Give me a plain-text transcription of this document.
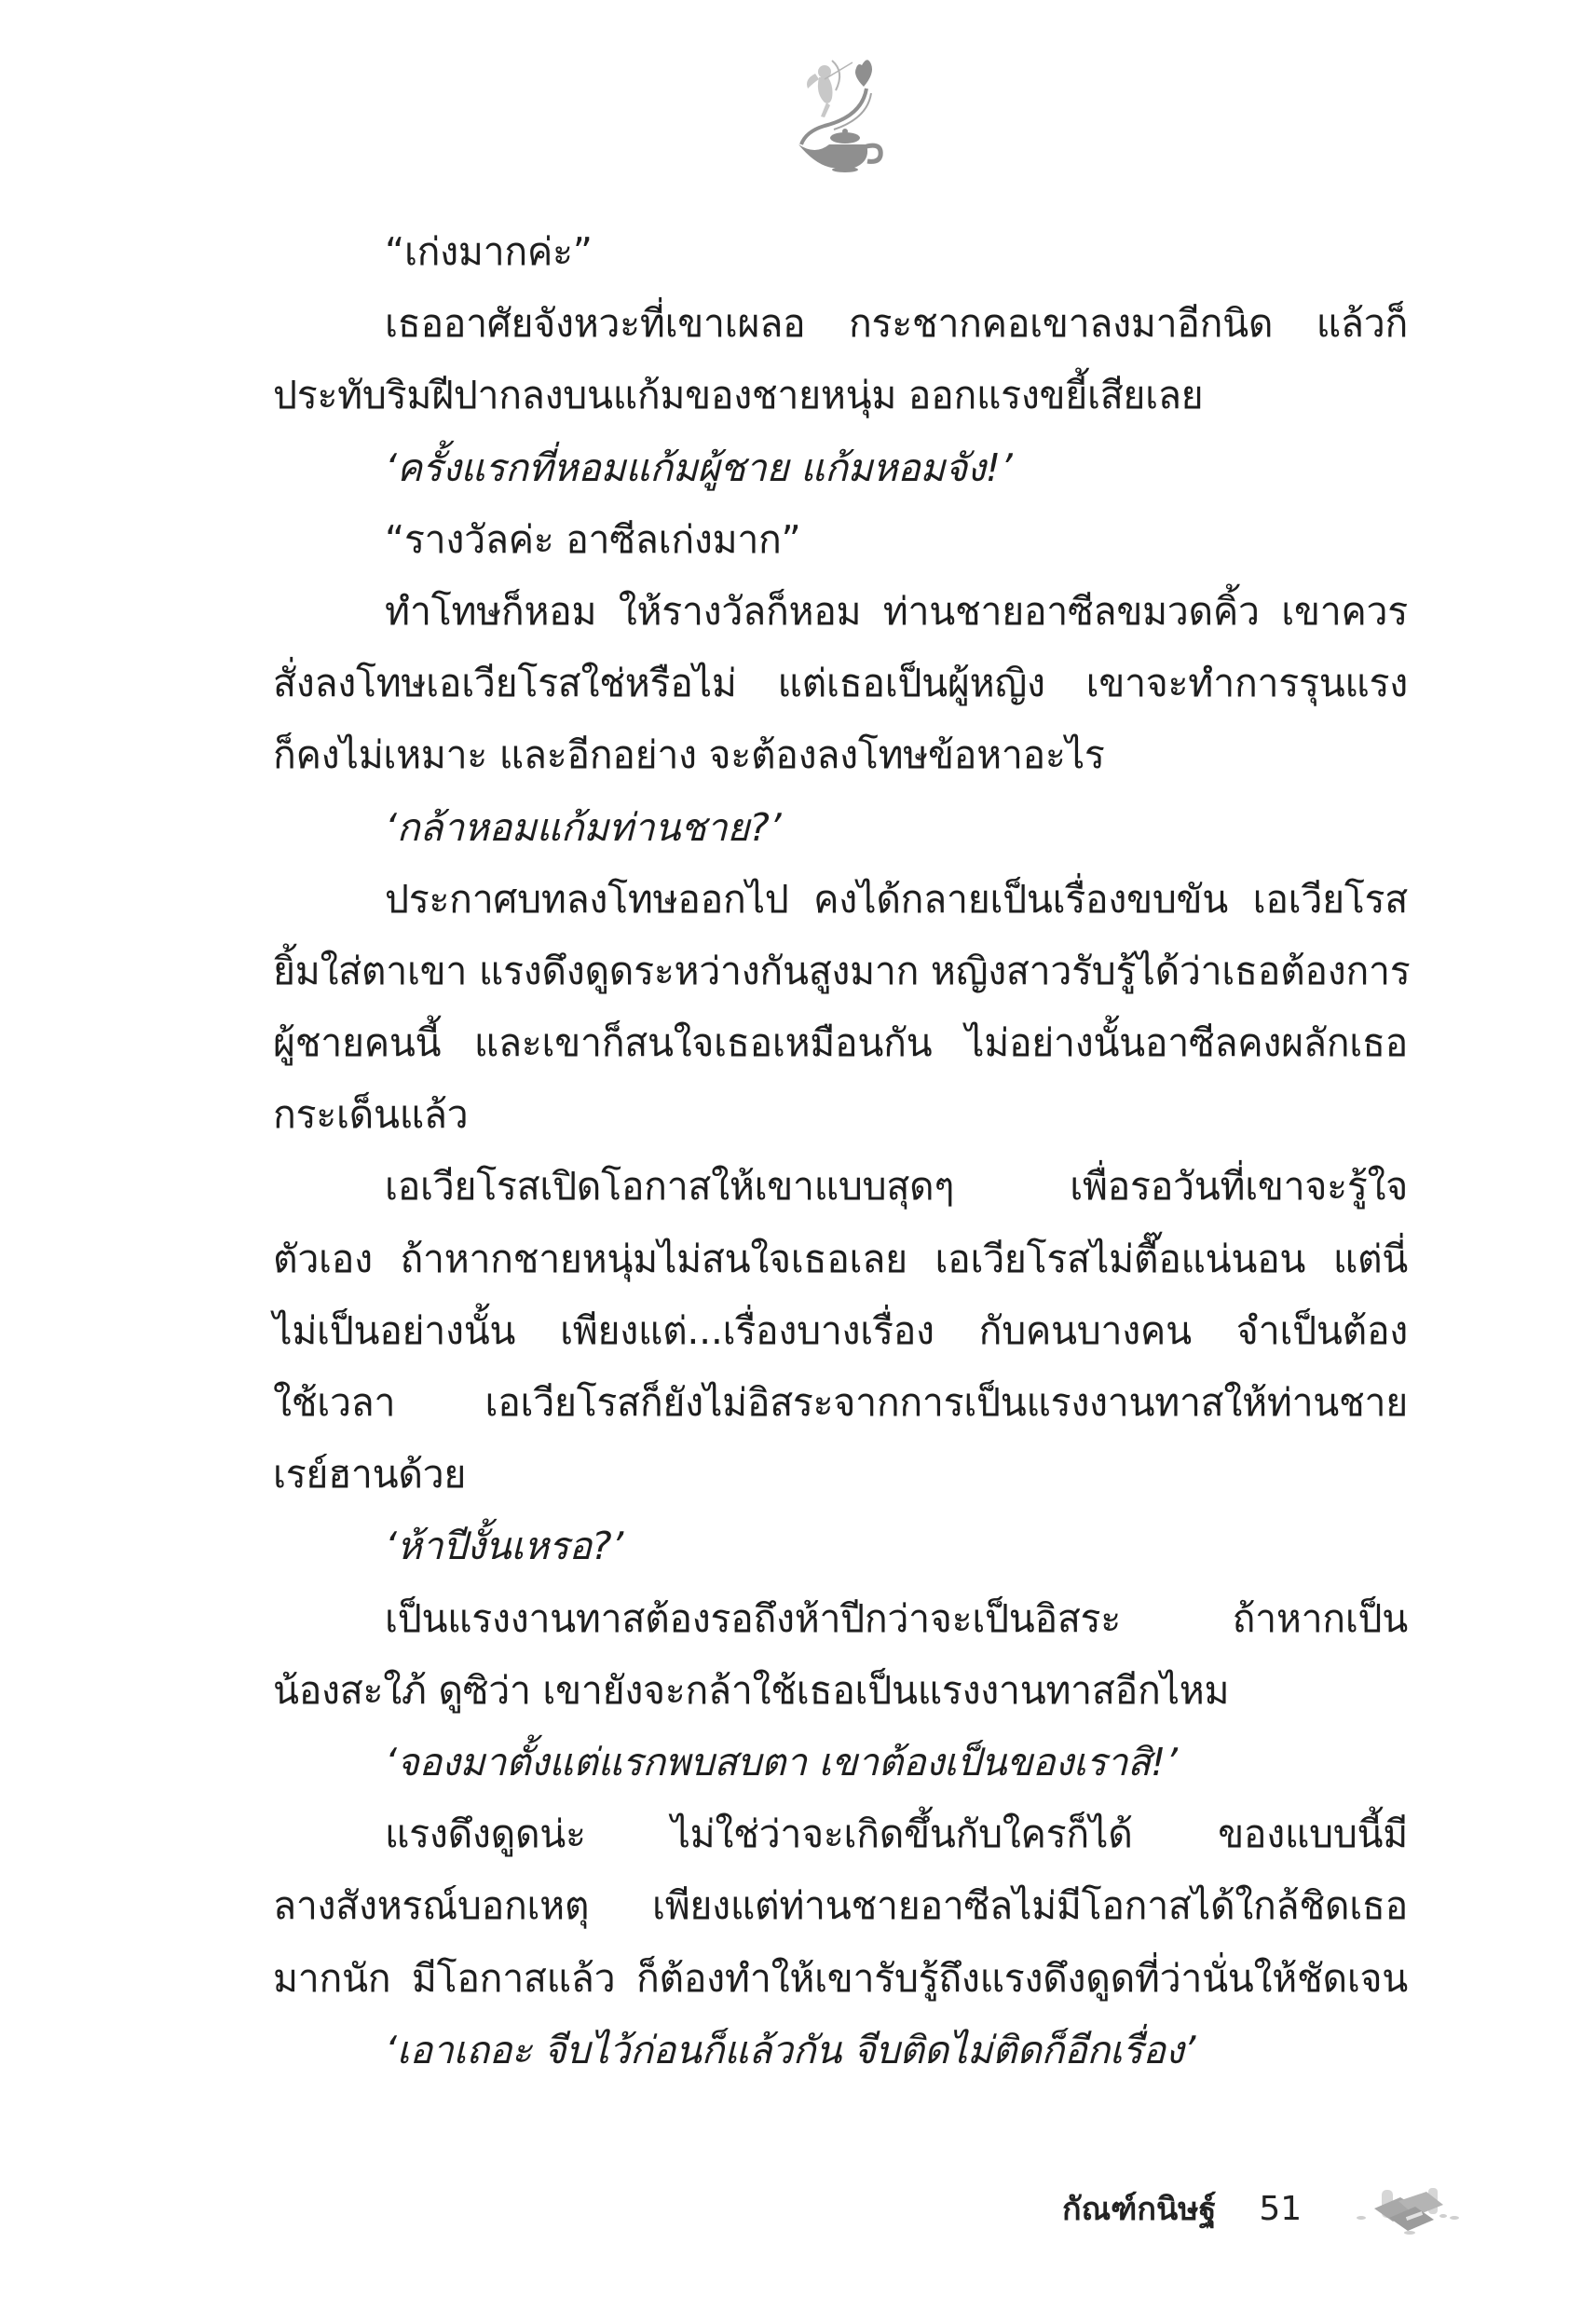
“เก่งมากค่ะ”
เธออาศัยจังหวะที่เขาเผลอ กระชากคอเขาลงมาอีกนิด แล้วก็
ประทับริมฝีปากลงบนแก้มของชายหนุ่ม ออกแรงขยี้เสียเลย
‘ครั้งแรกที่หอมแก้มผู้ชาย แก้มหอมจัง!’
“รางวัลค่ะ อาซีลเก่งมาก”
ทำโทษก็หอม ให้รางวัลก็หอม ท่านชายอาซีลขมวดคิ้ว เขาควร
สั่งลงโทษเอเวียโรสใช่หรือไม่ แต่เธอเป็นผู้หญิง เขาจะทำการรุนแรง
ก็คงไม่เหมาะ และอีกอย่าง จะต้องลงโทษข้อหาอะไร
‘กล้าหอมแก้มท่านชาย?’
ประกาศบทลงโทษออกไป คงได้กลายเป็นเรื่องขบขัน เอเวียโรส
ยิ้มใส่ตาเขา แรงดึงดูดระหว่างกันสูงมาก หญิงสาวรับรู้ได้ว่าเธอต้องการ
ผู้ชายคนนี้ และเขาก็สนใจเธอเหมือนกัน ไม่อย่างนั้นอาซีลคงผลักเธอ
กระเด็นแล้ว
เอเวียโรสเปิดโอกาสให้เขาแบบสุดๆ เพื่อรอวันที่เขาจะรู้ใจ
ตัวเอง ถ้าหากชายหนุ่มไม่สนใจเธอเลย เอเวียโรสไม่ตื๊อแน่นอน แต่นี่
ไม่เป็นอย่างนั้น เพียงแต่...เรื่องบางเรื่อง กับคนบางคน จำเป็นต้อง
ใช้เวลา เอเวียโรสก็ยังไม่อิสระจากการเป็นแรงงานทาสให้ท่านชาย
เรย์ฮานด้วย
‘ห้าปีงั้นเหรอ?’
เป็นแรงงานทาสต้องรอถึงห้าปีกว่าจะเป็นอิสระ ถ้าหากเป็น
น้องสะใภ้ ดูซิว่า เขายังจะกล้าใช้เธอเป็นแรงงานทาสอีกไหม
‘จองมาตั้งแต่แรกพบสบตา เขาต้องเป็นของเราสิ!’
แรงดึงดูดน่ะ ไม่ใช่ว่าจะเกิดขึ้นกับใครก็ได้ ของแบบนี้มี
ลางสังหรณ์บอกเหตุ เพียงแต่ท่านชายอาซีลไม่มีโอกาสได้ใกล้ชิดเธอ
มากนัก มีโอกาสแล้ว ก็ต้องทำให้เขารับรู้ถึงแรงดึงดูดที่ว่านั่นให้ชัดเจน
‘เอาเถอะ จีบไว้ก่อนก็แล้วกัน จีบติดไม่ติดก็อีกเรื่อง’
กัณฑ์กนิษฐ์ 51
